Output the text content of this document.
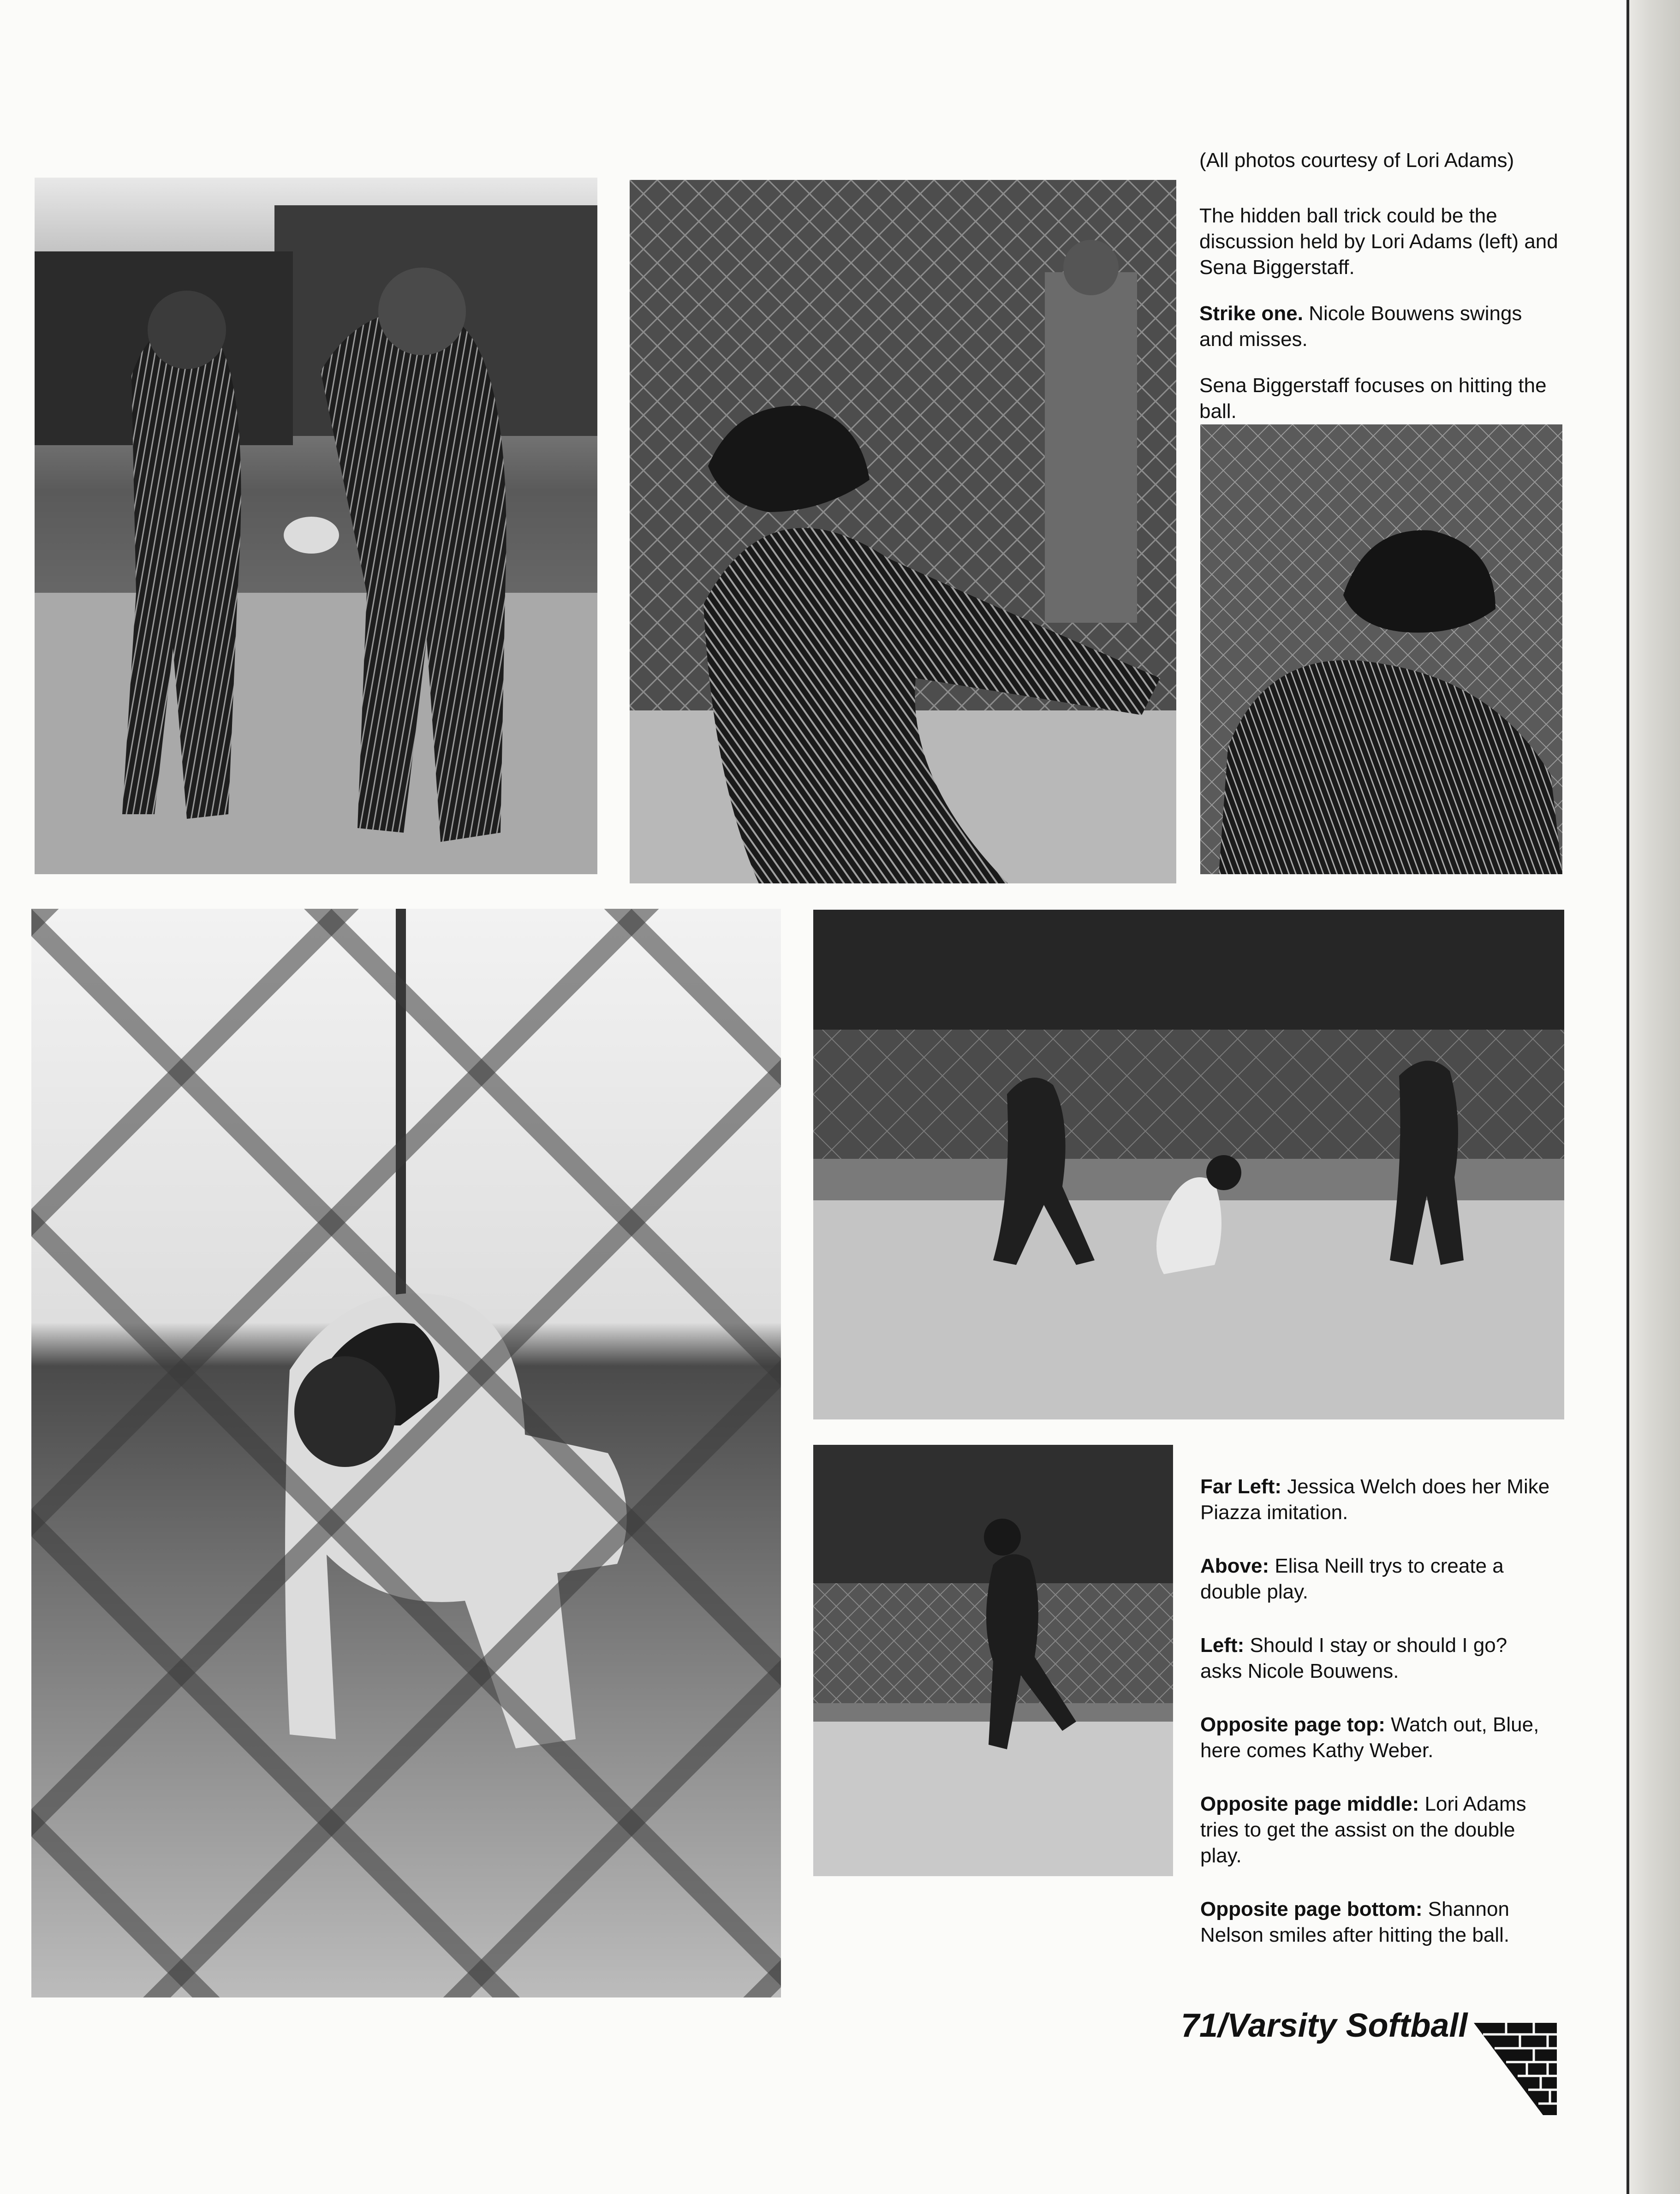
(All photos courtesy of Lori Adams)

The hidden ball trick could be the discussion held by Lori Adams (left) and Sena Biggerstaff.

Strike one. Nicole Bouwens swings and misses.

Sena Biggerstaff focuses on hitting the ball.

Far Left: Jessica Welch does her Mike Piazza imitation.

Above: Elisa Neill trys to create a double play.

Left: Should I stay or should I go? asks Nicole Bouwens.

Opposite page top: Watch out, Blue, here comes Kathy Weber.

Opposite page middle: Lori Adams tries to get the assist on the double play.

Opposite page bottom: Shannon Nelson smiles after hitting the ball.

71/Varsity Softball
